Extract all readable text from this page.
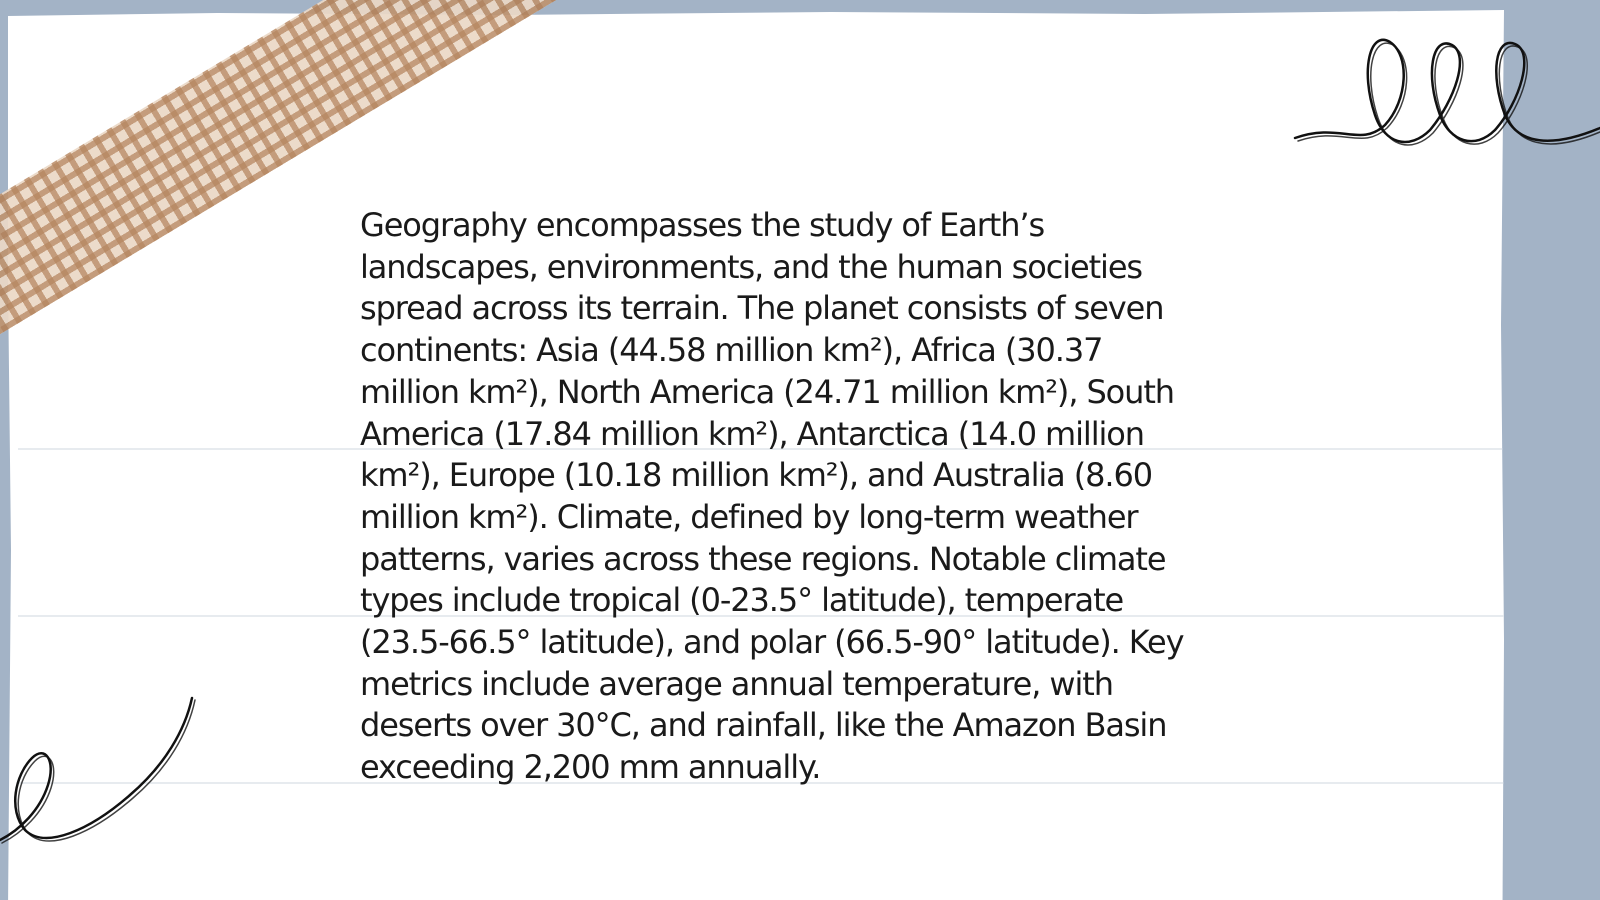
Geography encompasses the study of Earth’s
landscapes, environments, and the human societies
spread across its terrain. The planet consists of seven
continents: Asia (44.58 million km²), Africa (30.37
million km²), North America (24.71 million km²), South
America (17.84 million km²), Antarctica (14.0 million
km²), Europe (10.18 million km²), and Australia (8.60
million km²). Climate, defined by long-term weather
patterns, varies across these regions. Notable climate
types include tropical (0-23.5° latitude), temperate
(23.5-66.5° latitude), and polar (66.5-90° latitude). Key
metrics include average annual temperature, with
deserts over 30°C, and rainfall, like the Amazon Basin
exceeding 2,200 mm annually.
